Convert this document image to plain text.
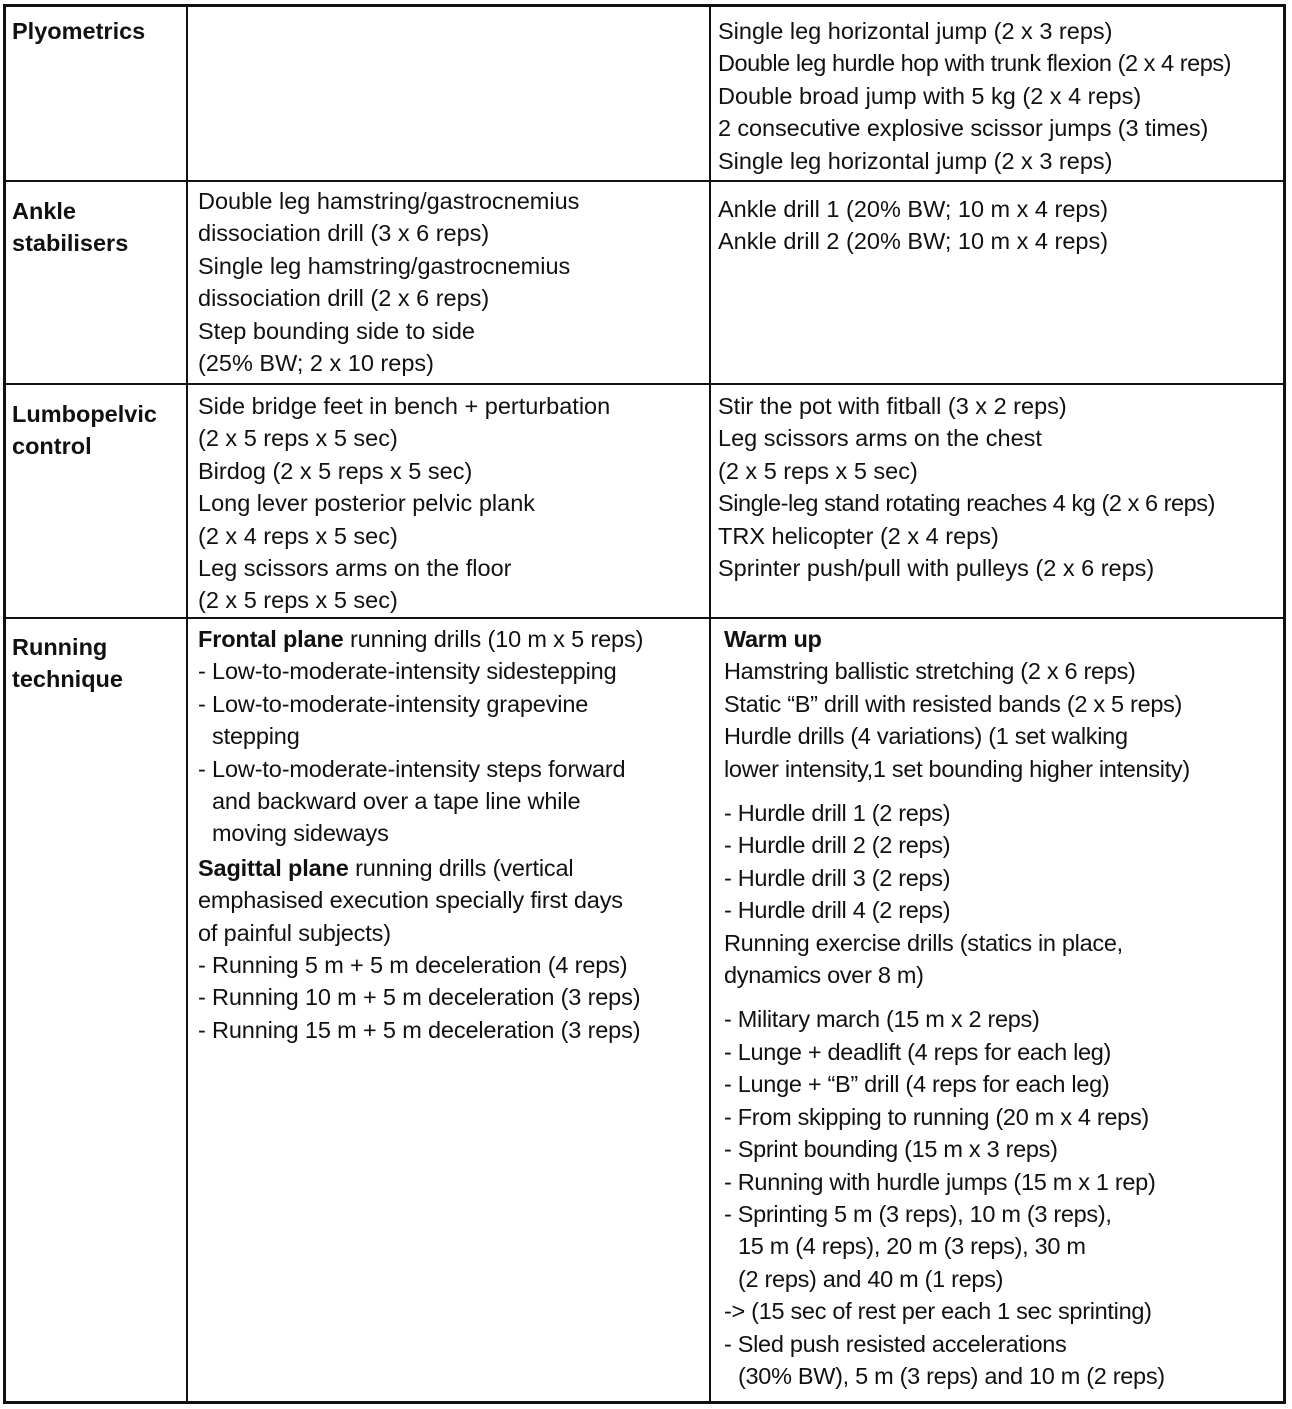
Plyometrics	Single leg horizontal jump (2 x 3 reps)
Double leg hurdle hop with trunk flexion (2 x 4 reps)
Double broad jump with 5 kg (2 x 4 reps)
2 consecutive explosive scissor jumps (3 times)
Single leg horizontal jump (2 x 3 reps)
Ankle
stabilisers
Double leg hamstring/gastrocnemius
dissociation drill (3 x 6 reps)
Single leg hamstring/gastrocnemius
dissociation drill (2 x 6 reps)
Step bounding side to side
(25% BW; 2 x 10 reps)
Ankle drill 1 (20% BW; 10 m x 4 reps)
Ankle drill 2 (20% BW; 10 m x 4 reps)
Lumbopelvic
control
Side bridge feet in bench + perturbation
(2 x 5 reps x 5 sec)
Birdog (2 x 5 reps x 5 sec)
Long lever posterior pelvic plank
(2 x 4 reps x 5 sec)
Leg scissors arms on the floor
(2 x 5 reps x 5 sec)
Stir the pot with fitball (3 x 2 reps)
Leg scissors arms on the chest
(2 x 5 reps x 5 sec)
Single-leg stand rotating reaches 4 kg (2 x 6 reps)
TRX helicopter (2 x 4 reps)
Sprinter push/pull with pulleys (2 x 6 reps)
Running
technique
Frontal plane running drills (10 m x 5 reps)
- Low-to-moderate-intensity sidestepping
- Low-to-moderate-intensity grapevine
stepping
- Low-to-moderate-intensity steps forward
and backward over a tape line while
moving sideways
Sagittal plane running drills (vertical
emphasised execution specially first days
of painful subjects)
- Running 5 m + 5 m deceleration (4 reps)
- Running 10 m + 5 m deceleration (3 reps)
- Running 15 m + 5 m deceleration (3 reps)
Warm up
Hamstring ballistic stretching (2 x 6 reps)
Static “B” drill with resisted bands (2 x 5 reps)
Hurdle drills (4 variations) (1 set walking
lower intensity,1 set bounding higher intensity)
- Hurdle drill 1 (2 reps)
- Hurdle drill 2 (2 reps)
- Hurdle drill 3 (2 reps)
- Hurdle drill 4 (2 reps)
Running exercise drills (statics in place,
dynamics over 8 m)
- Military march (15 m x 2 reps)
- Lunge + deadlift (4 reps for each leg)
- Lunge + “B” drill (4 reps for each leg)
- From skipping to running (20 m x 4 reps)
- Sprint bounding (15 m x 3 reps)
- Running with hurdle jumps (15 m x 1 rep)
- Sprinting 5 m (3 reps), 10 m (3 reps),
15 m (4 reps), 20 m (3 reps), 30 m
(2 reps) and 40 m (1 reps)
-> (15 sec of rest per each 1 sec sprinting)
- Sled push resisted accelerations
(30% BW), 5 m (3 reps) and 10 m (2 reps)
